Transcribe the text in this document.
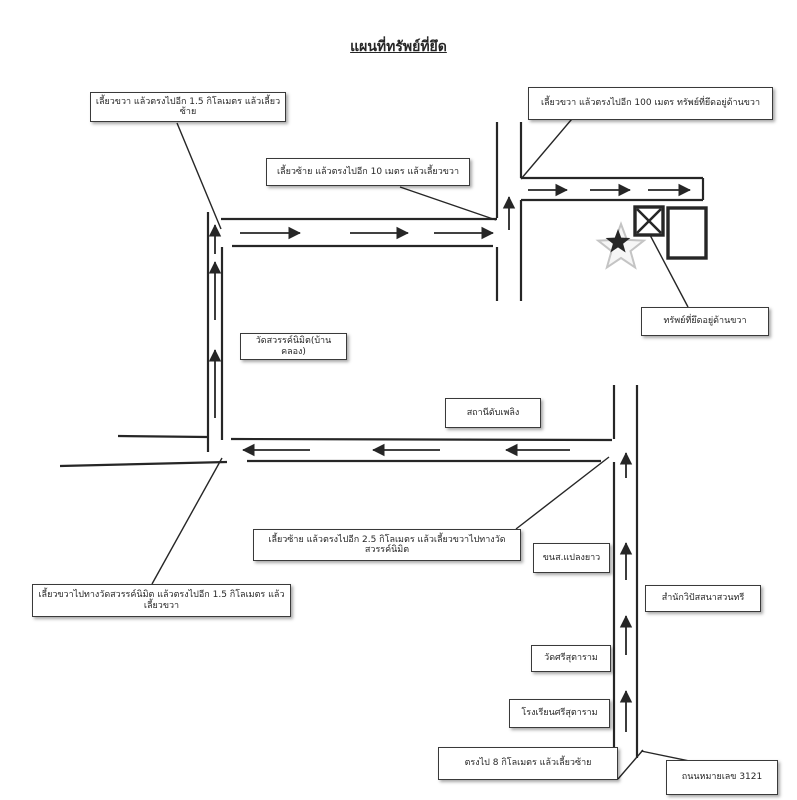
แผนที่ทรัพย์ที่ยึด
เลี้ยวขวา แล้วตรงไปอีก 1.5 กิโลเมตร แล้วเลี้ยวซ้าย
เลี้ยวซ้าย แล้วตรงไปอีก 10 เมตร แล้วเลี้ยวขวา
เลี้ยวขวา แล้วตรงไปอีก 100 เมตร ทรัพย์ที่ยึดอยู่ด้านขวา
ทรัพย์ที่ยึดอยู่ด้านขวา
วัดสวรรค์นิมิต(บ้านคลอง)
สถานีดับเพลิง
เลี้ยวซ้าย แล้วตรงไปอีก 2.5 กิโลเมตร แล้วเลี้ยวขวาไปทางวัดสวรรค์นิมิต
เลี้ยวขวาไปทางวัดสวรรค์นิมิต แล้วตรงไปอีก 1.5 กิโลเมตร แล้วเลี้ยวขวา
ขนส.แปลงยาว
สำนักวิปัสสนาสวนทรี
วัดศรีสุตาราม
โรงเรียนศรีสุตาราม
ตรงไป 8 กิโลเมตร แล้วเลี้ยวซ้าย
ถนนหมายเลข 3121
